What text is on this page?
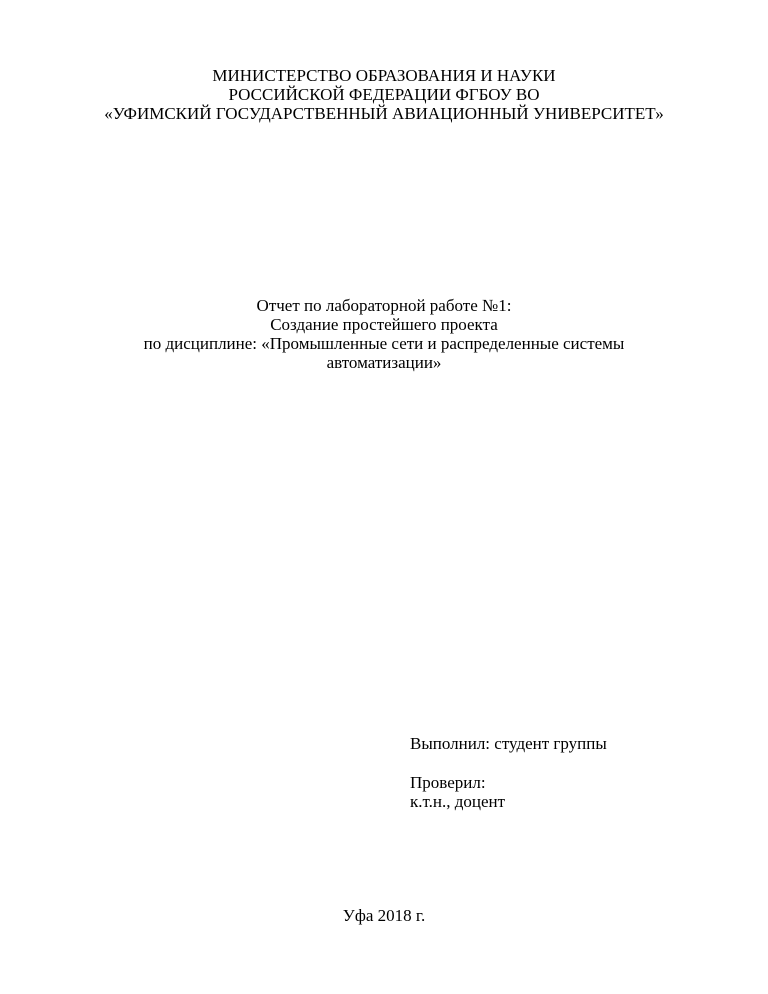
МИНИСТЕРСТВО ОБРАЗОВАНИЯ И НАУКИ
РОССИЙСКОЙ ФЕДЕРАЦИИ ФГБОУ ВО
«УФИМСКИЙ ГОСУДАРСТВЕННЫЙ АВИАЦИОННЫЙ УНИВЕРСИТЕТ»
Отчет по лабораторной работе №1:
Создание простейшего проекта
по дисциплине: «Промышленные сети и распределенные системы
автоматизации»
Выполнил: студент группы
Проверил:
к.т.н., доцент
Уфа 2018 г.
